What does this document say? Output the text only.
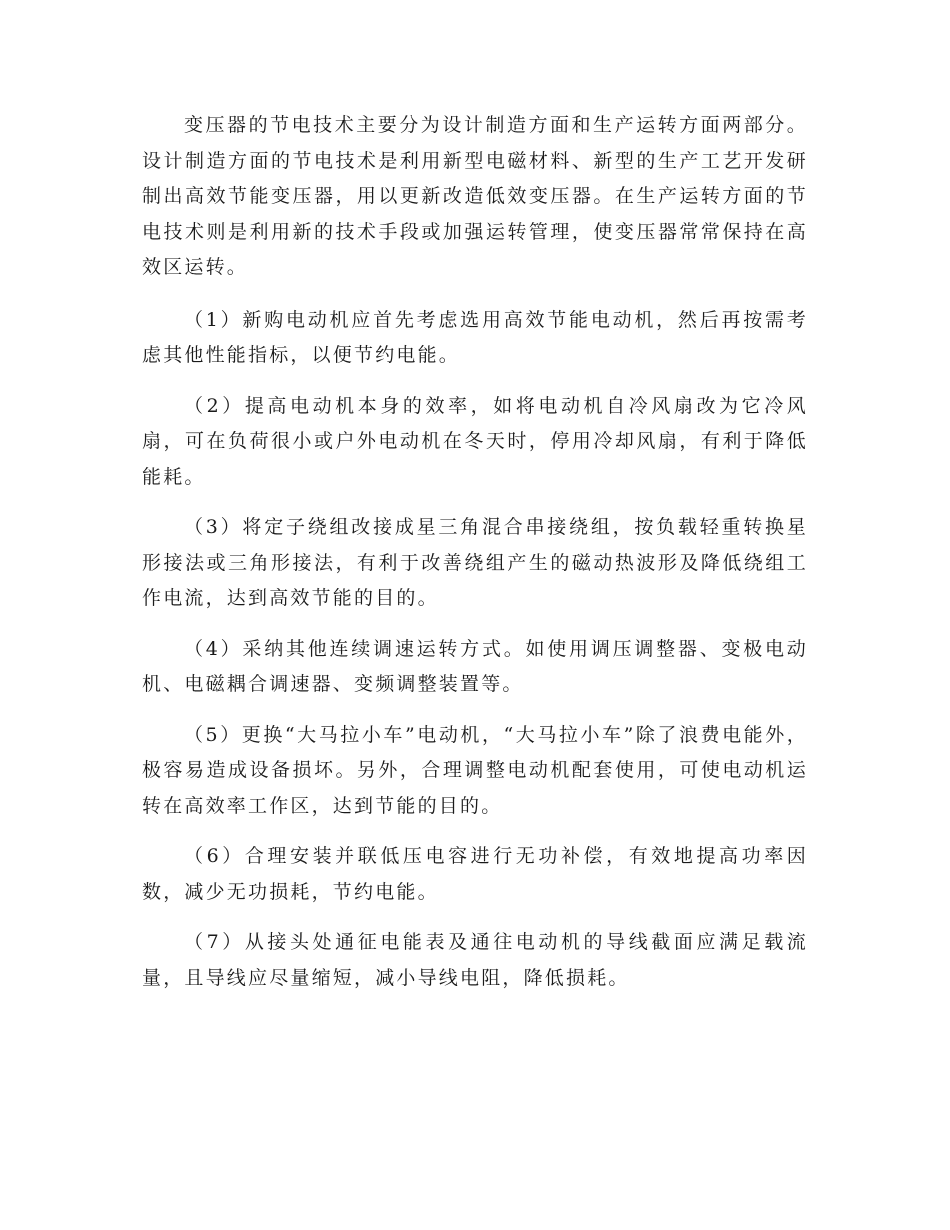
变压器的节电技术主要分为设计制造方面和生产运转方面两部分。设计制造方面的节电技术是利用新型电磁材料、新型的生产工艺开发研制出高效节能变压器，用以更新改造低效变压器。在生产运转方面的节电技术则是利用新的技术手段或加强运转管理，使变压器常常保持在高效区运转。

（1）新购电动机应首先考虑选用高效节能电动机，然后再按需考虑其他性能指标，以便节约电能。

（2）提高电动机本身的效率，如将电动机自冷风扇改为它冷风扇，可在负荷很小或户外电动机在冬天时，停用冷却风扇，有利于降低能耗。

（3）将定子绕组改接成星三角混合串接绕组，按负载轻重转换星形接法或三角形接法，有利于改善绕组产生的磁动热波形及降低绕组工作电流，达到高效节能的目的。

（4）采纳其他连续调速运转方式。如使用调压调整器、变极电动机、电磁耦合调速器、变频调整装置等。

（5）更换“大马拉小车”电动机，“大马拉小车”除了浪费电能外，极容易造成设备损坏。另外，合理调整电动机配套使用，可使电动机运转在高效率工作区，达到节能的目的。

（6）合理安装并联低压电容进行无功补偿，有效地提高功率因数，减少无功损耗，节约电能。

（7）从接头处通征电能表及通往电动机的导线截面应满足载流量，且导线应尽量缩短，减小导线电阻，降低损耗。
